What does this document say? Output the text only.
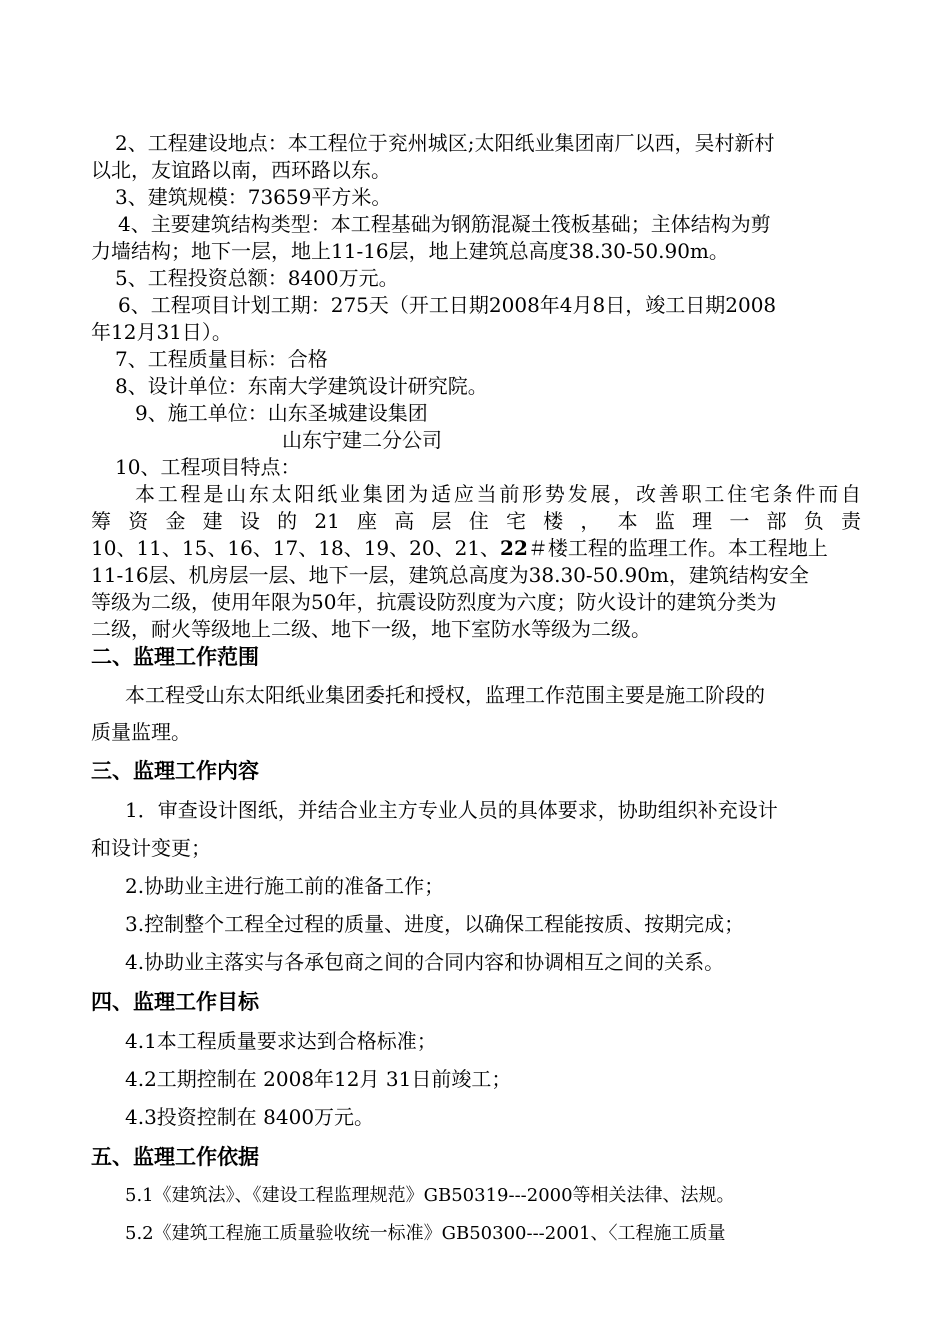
2、工程建设地点：本工程位于兖州城区;太阳纸业集团南厂以西，吴村新村
以北，友谊路以南，西环路以东。
3、建筑规模：73659平方米。
4、主要建筑结构类型：本工程基础为钢筋混凝土筏板基础；主体结构为剪
力墙结构；地下一层，地上11-16层，地上建筑总高度38.30-50.90m。
5、工程投资总额：8400万元。
6、工程项目计划工期：275天（开工日期2008年4月8日，竣工日期2008
年12月31日）。
7、工程质量目标：合格
8、设计单位：东南大学建筑设计研究院。
9、施工单位：山东圣城建设集团
山东宁建二分公司
10、工程项目特点：
本工程是山东太阳纸业集团为适应当前形势发展，改善职工住宅条件而自
筹资金建设的21座高层住宅楼，本监理一部负责
10、11、15、16、17、18、19、20、21、22＃楼工程的监理工作。本工程地上
11-16层、机房层一层、地下一层，建筑总高度为38.30-50.90m，建筑结构安全
等级为二级，使用年限为50年，抗震设防烈度为六度；防火设计的建筑分类为
二级，耐火等级地上二级、地下一级，地下室防水等级为二级。
二、监理工作范围
本工程受山东太阳纸业集团委托和授权，监理工作范围主要是施工阶段的
质量监理。
三、监理工作内容
1．审查设计图纸，并结合业主方专业人员的具体要求，协助组织补充设计
和设计变更；
2.协助业主进行施工前的准备工作；
3.控制整个工程全过程的质量、进度，以确保工程能按质、按期完成；
4.协助业主落实与各承包商之间的合同内容和协调相互之间的关系。
四、监理工作目标
4.1本工程质量要求达到合格标准；
4.2工期控制在 2008年12月 31日前竣工；
4.3投资控制在 8400万元。
五、监理工作依据
5.1《建筑法》、《建设工程监理规范》GB50319---2000等相关法律、法规。
5.2《建筑工程施工质量验收统一标准》GB50300---2001、〈工程施工质量
